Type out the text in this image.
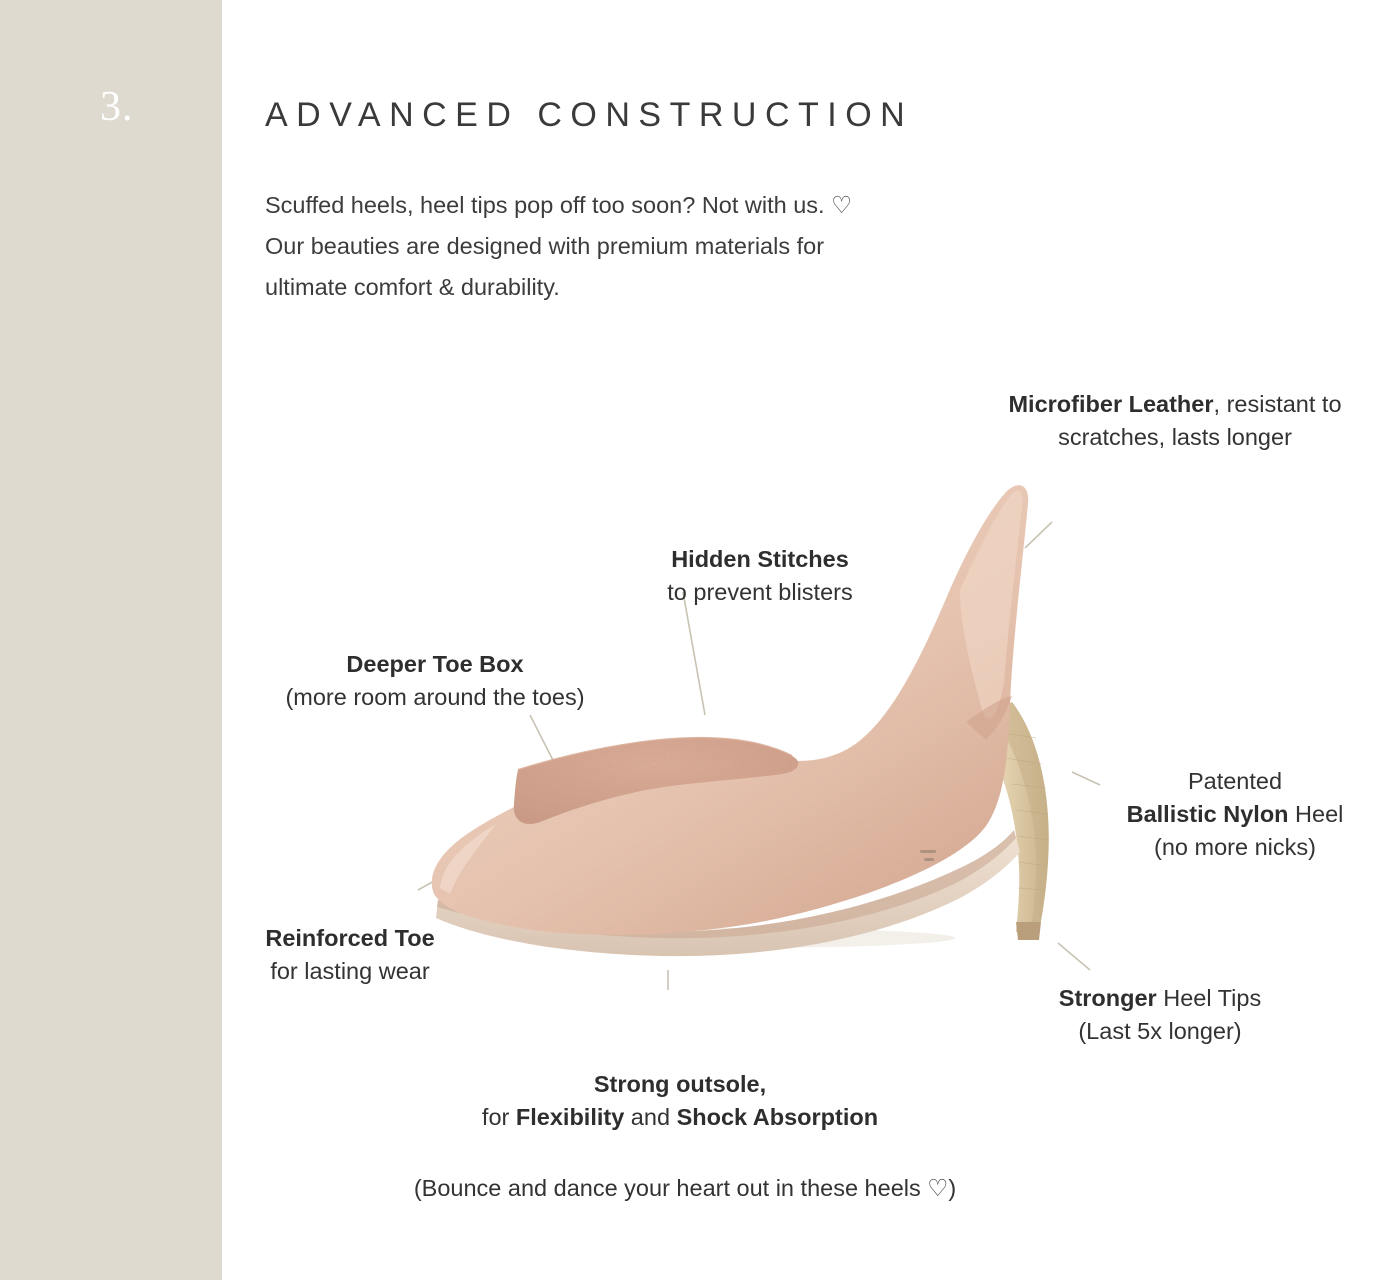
3.	ADVANCED CONSTRUCTION
Scuffed heels, heel tips pop off too soon? Not with us. ♡
Our beauties are designed with premium materials for
ultimate comfort & durability.
Microfiber Leather, resistant to scratches, lasts longer
Hidden Stitches
to prevent blisters
Deeper Toe Box
(more room around the toes)
Reinforced Toe
for lasting wear
Patented
Ballistic Nylon Heel
(no more nicks)
Stronger Heel Tips
(Last 5x longer)
Strong outsole,
for Flexibility and Shock Absorption
(Bounce and dance your heart out in these heels ♡)
